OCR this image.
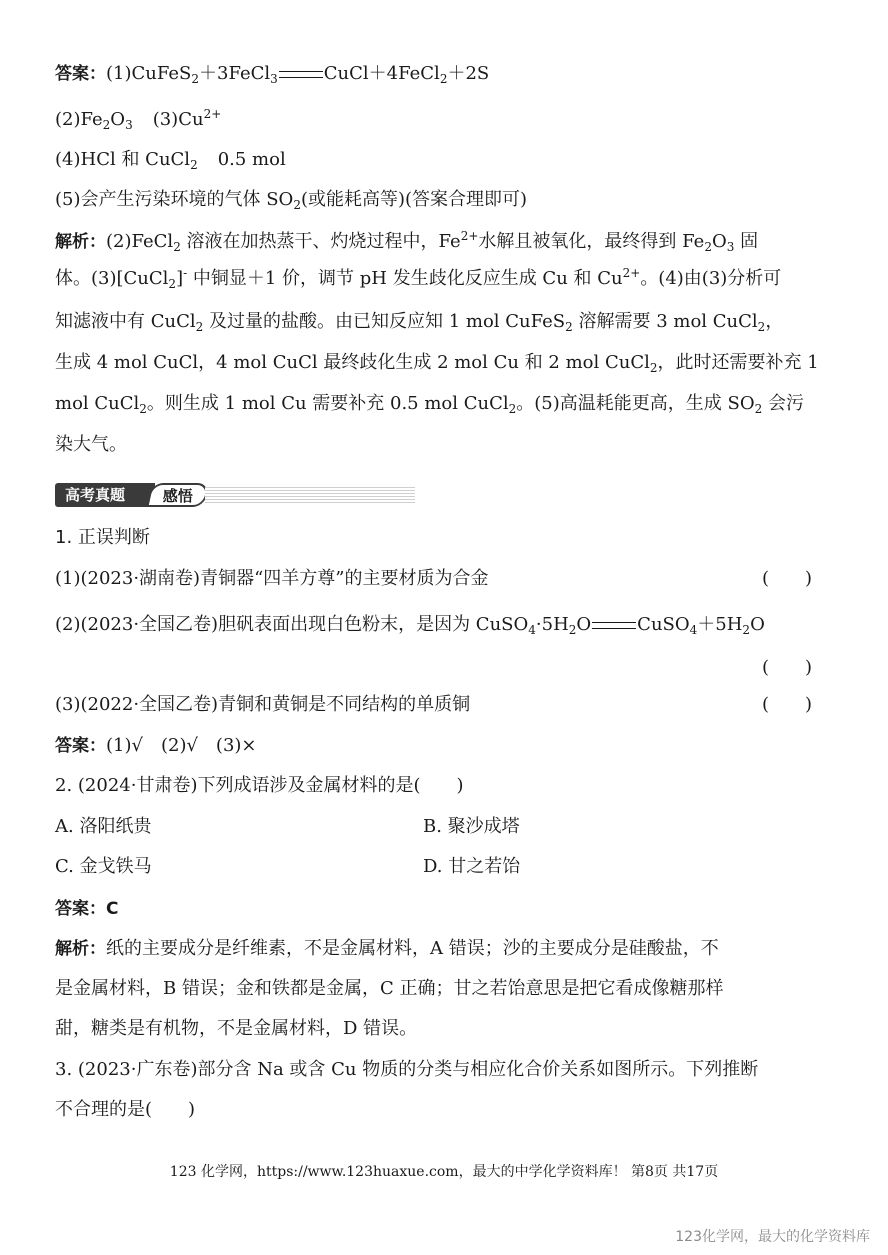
答案：(1)CuFeS$_2$＋3FeCl$_3$	CuCl＋4FeCl$_2$＋2S
$(2)Fe_2O_3$ $(3)Cu^{2+}$
(4)HCl 和 CuCl$_2$ 0.5 mol
(5)会产生污染环境的气体 $SO_2$(或能耗高等)(答案合理即可)
解析：(2)FeCl$_2$ 溶液在加热蒸干、灼烧过程中，$Fe^{2+}$水解且被氧化，最终得到 $Fe_2O_3$ 固
体。(3)[CuCl$_2$]- 中铜显＋1 价，调节 pH 发生歧化反应生成 Cu 和 $Cu^{2+}$。(4)由(3)分析可
知滤液中有 CuCl$_2$ 及过量的盐酸。由已知反应知 1 mol CuFeS$_2$ 溶解需要 3 mol CuCl$_2$，
生成 4 mol CuCl，4 mol CuCl 最终歧化生成 2 mol Cu 和 2 mol CuCl$_2$，此时还需要补充 1
mol CuCl$_2$。则生成 1 mol Cu 需要补充 0.5 mol CuCl$_2$。(5)高温耗能更高，生成 $SO_2$ 会污
染大气。
高考真题	感悟
1. 正误判断
(1)(2023·湖南卷)青铜器“四羊方尊”的主要材质为合金	(　　)
(2)(2023·全国乙卷)胆矾表面出现白色粉末，是因为 $CuSO_4\cdot 5H_2O$	$CuSO_4+5H_2O$
(　　)
(3)(2022·全国乙卷)青铜和黄铜是不同结构的单质铜	(　　)
答案：(1)√　(2)√　(3)×
2. (2024·甘肃卷)下列成语涉及金属材料的是(　　)
A. 洛阳纸贵	B. 聚沙成塔
C. 金戈铁马	D. 甘之若饴
答案：C
解析：纸的主要成分是纤维素，不是金属材料，A 错误；沙的主要成分是硅酸盐，不
是金属材料，B 错误；金和铁都是金属，C 正确；甘之若饴意思是把它看成像糖那样
甜，糖类是有机物，不是金属材料，D 错误。
3. (2023·广东卷)部分含 Na 或含 Cu 物质的分类与相应化合价关系如图所示。下列推断
不合理的是(　　)
123 化学网，https://www.123huaxue.com，最大的中学化学资料库！ 第8页 共17页
123化学网，最大的化学资料库
